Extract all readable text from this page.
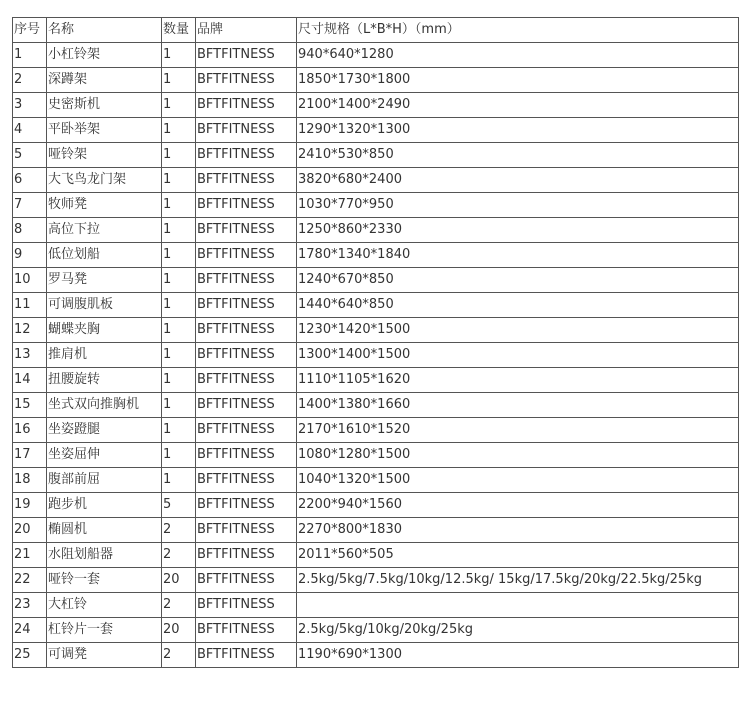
序号	名称	数量	品牌	尺寸规格（L*B*H）（mm）
1	小杠铃架	1	BFTFITNESS	940*640*1280
2	深蹲架	1	BFTFITNESS	1850*1730*1800
3	史密斯机	1	BFTFITNESS	2100*1400*2490
4	平卧举架	1	BFTFITNESS	1290*1320*1300
5	哑铃架	1	BFTFITNESS	2410*530*850
6	大飞鸟龙门架	1	BFTFITNESS	3820*680*2400
7	牧师凳	1	BFTFITNESS	1030*770*950
8	高位下拉	1	BFTFITNESS	1250*860*2330
9	低位划船	1	BFTFITNESS	1780*1340*1840
10	罗马凳	1	BFTFITNESS	1240*670*850
11	可调腹肌板	1	BFTFITNESS	1440*640*850
12	蝴蝶夹胸	1	BFTFITNESS	1230*1420*1500
13	推肩机	1	BFTFITNESS	1300*1400*1500
14	扭腰旋转	1	BFTFITNESS	1110*1105*1620
15	坐式双向推胸机	1	BFTFITNESS	1400*1380*1660
16	坐姿蹬腿	1	BFTFITNESS	2170*1610*1520
17	坐姿屈伸	1	BFTFITNESS	1080*1280*1500
18	腹部前屈	1	BFTFITNESS	1040*1320*1500
19	跑步机	5	BFTFITNESS	2200*940*1560
20	椭圆机	2	BFTFITNESS	2270*800*1830
21	水阻划船器	2	BFTFITNESS	2011*560*505
22	哑铃一套	20	BFTFITNESS	2.5kg/5kg/7.5kg/10kg/12.5kg/ 15kg/17.5kg/20kg/22.5kg/25kg
23	大杠铃	2	BFTFITNESS	
24	杠铃片一套	20	BFTFITNESS	2.5kg/5kg/10kg/20kg/25kg
25	可调凳	2	BFTFITNESS	1190*690*1300
